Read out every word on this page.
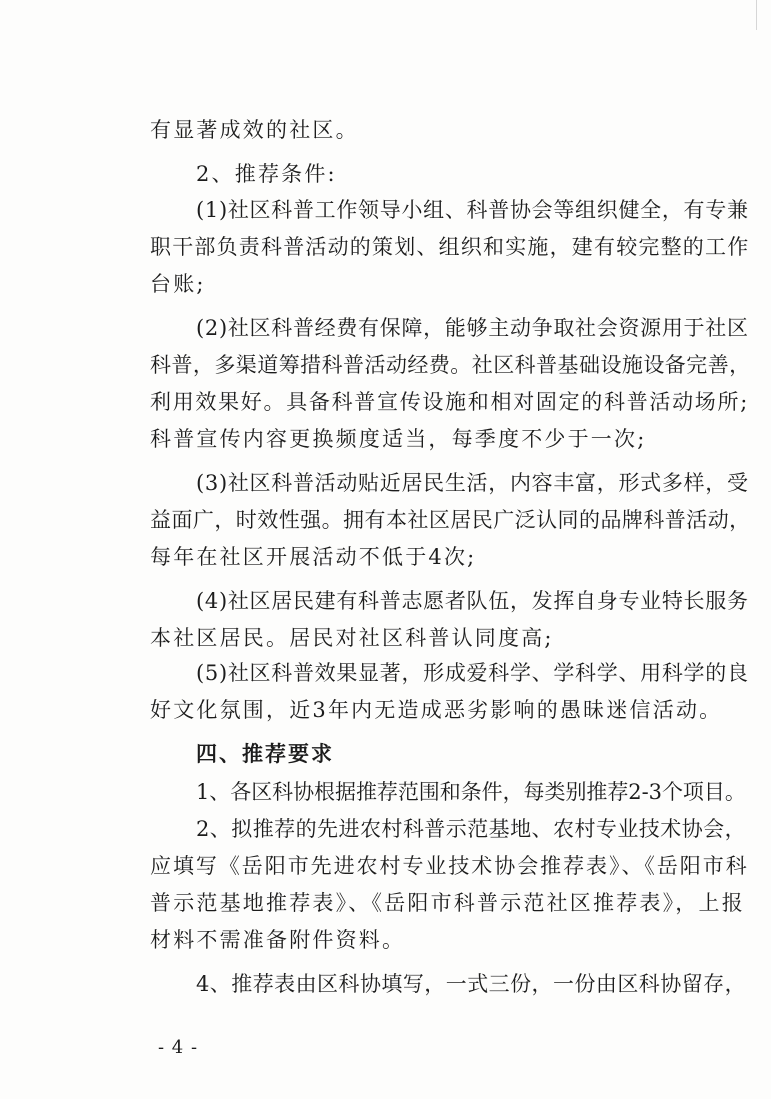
有显著成效的社区。
2、推荐条件:
(1)社区科普工作领导小组、科普协会等组织健全，有专兼
职干部负责科普活动的策划、组织和实施，建有较完整的工作
台账;
(2)社区科普经费有保障，能够主动争取社会资源用于社区
科普，多渠道筹措科普活动经费。社区科普基础设施设备完善，
利用效果好。具备科普宣传设施和相对固定的科普活动场所;
科普宣传内容更换频度适当，每季度不少于一次;
(3)社区科普活动贴近居民生活，内容丰富，形式多样，受
益面广，时效性强。拥有本社区居民广泛认同的品牌科普活动，
每年在社区开展活动不低于4次;
(4)社区居民建有科普志愿者队伍，发挥自身专业特长服务
本社区居民。居民对社区科普认同度高;
(5)社区科普效果显著，形成爱科学、学科学、用科学的良
好文化氛围，近3年内无造成恶劣影响的愚昧迷信活动。
四、推荐要求
1、各区科协根据推荐范围和条件，每类别推荐2-3个项目。
2、拟推荐的先进农村科普示范基地、农村专业技术协会，
应填写《岳阳市先进农村专业技术协会推荐表》、《岳阳市科
普示范基地推荐表》、《岳阳市科普示范社区推荐表》，上报
材料不需准备附件资料。
4、推荐表由区科协填写，一式三份，一份由区科协留存，
- 4 -
